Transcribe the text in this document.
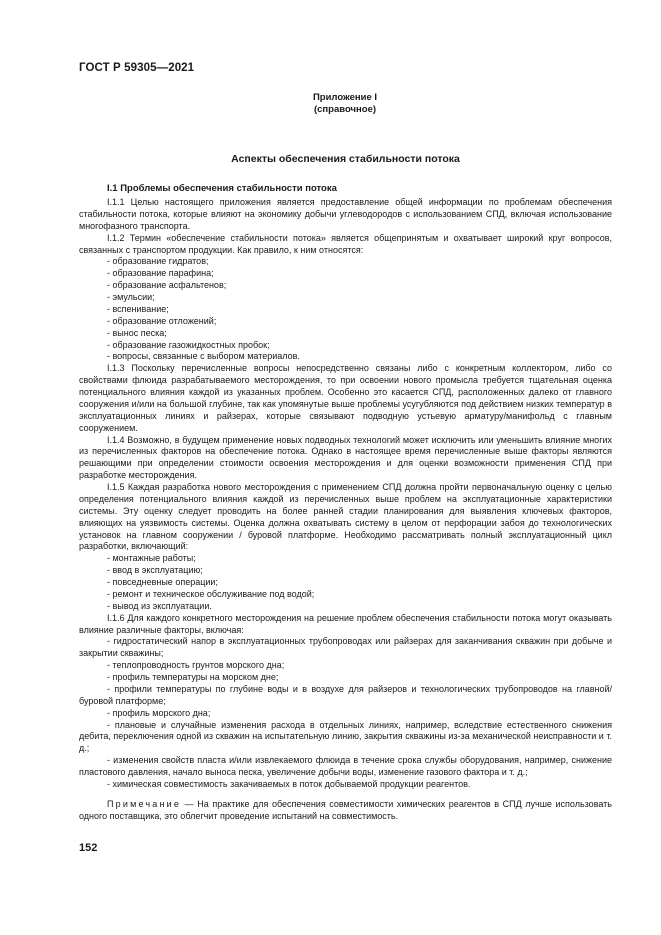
ГОСТ Р 59305—2021
Приложение I
(справочное)
Аспекты обеспечения стабильности потока
I.1 Проблемы обеспечения стабильности потока

I.1.1 Целью настоящего приложения является предоставление общей информации по проблемам обеспечения стабильности потока, которые влияют на экономику добычи углеводородов с использованием СПД, включая использование многофазного транспорта.

I.1.2 Термин «обеспечение стабильности потока» является общепринятым и охватывает широкий круг вопросов, связанных с транспортом продукции. Как правило, к ним относятся:

- образование гидратов;

- образование парафина;

- образование асфальтенов;

- эмульсии;

- вспенивание;

- образование отложений;

- вынос песка;

- образование газожидкостных пробок;

- вопросы, связанные с выбором материалов.

I.1.3 Поскольку перечисленные вопросы непосредственно связаны либо с конкретным коллектором, либо со свойствами флюида разрабатываемого месторождения, то при освоении нового промысла требуется тщательная оценка потенциального влияния каждой из указанных проблем. Особенно это касается СПД, расположенных далеко от главного сооружения и/или на большой глубине, так как упомянутые выше проблемы усугубляются под действием низких температур в эксплуатационных линиях и райзерах, которые связывают подводную устьевую арматуру/манифольд с главным сооружением.

I.1.4 Возможно, в будущем применение новых подводных технологий может исключить или уменьшить влияние многих из перечисленных факторов на обеспечение потока. Однако в настоящее время перечисленные выше факторы являются решающими при определении стоимости освоения месторождения и для оценки возможности применения СПД при разработке месторождения.

I.1.5 Каждая разработка нового месторождения с применением СПД должна пройти первоначальную оценку с целью определения потенциального влияния каждой из перечисленных выше проблем на эксплуатационные характеристики системы. Эту оценку следует проводить на более ранней стадии планирования для выявления ключевых факторов, влияющих на уязвимость системы. Оценка должна охватывать систему в целом от перфорации забоя до технологических установок на главном сооружении / буровой платформе. Необходимо рассматривать полный эксплуатационный цикл разработки, включающий:

- монтажные работы;

- ввод в эксплуатацию;

- повседневные операции;

- ремонт и техническое обслуживание под водой;

- вывод из эксплуатации.

I.1.6 Для каждого конкретного месторождения на решение проблем обеспечения стабильности потока могут оказывать влияние различные факторы, включая:

- гидростатический напор в эксплуатационных трубопроводах или райзерах для заканчивания скважин при добыче и закрытии скважины;

- теплопроводность грунтов морского дна;

- профиль температуры на морском дне;

- профили температуры по глубине воды и в воздухе для райзеров и технологических трубопроводов на главной/буровой платформе;

- профиль морского дна;

- плановые и случайные изменения расхода в отдельных линиях, например, вследствие естественного снижения дебита, переключения одной из скважин на испытательную линию, закрытия скважины из-за механической неисправности и т. д.;

- изменения свойств пласта и/или извлекаемого флюида в течение срока службы оборудования, например, снижение пластового давления, начало выноса песка, увеличение добычи воды, изменение газового фактора и т. д.;

- химическая совместимость закачиваемых в поток добываемой продукции реагентов.

Примечание — На практике для обеспечения совместимости химических реагентов в СПД лучше использовать одного поставщика, это облегчит проведение испытаний на совместимость.

152
